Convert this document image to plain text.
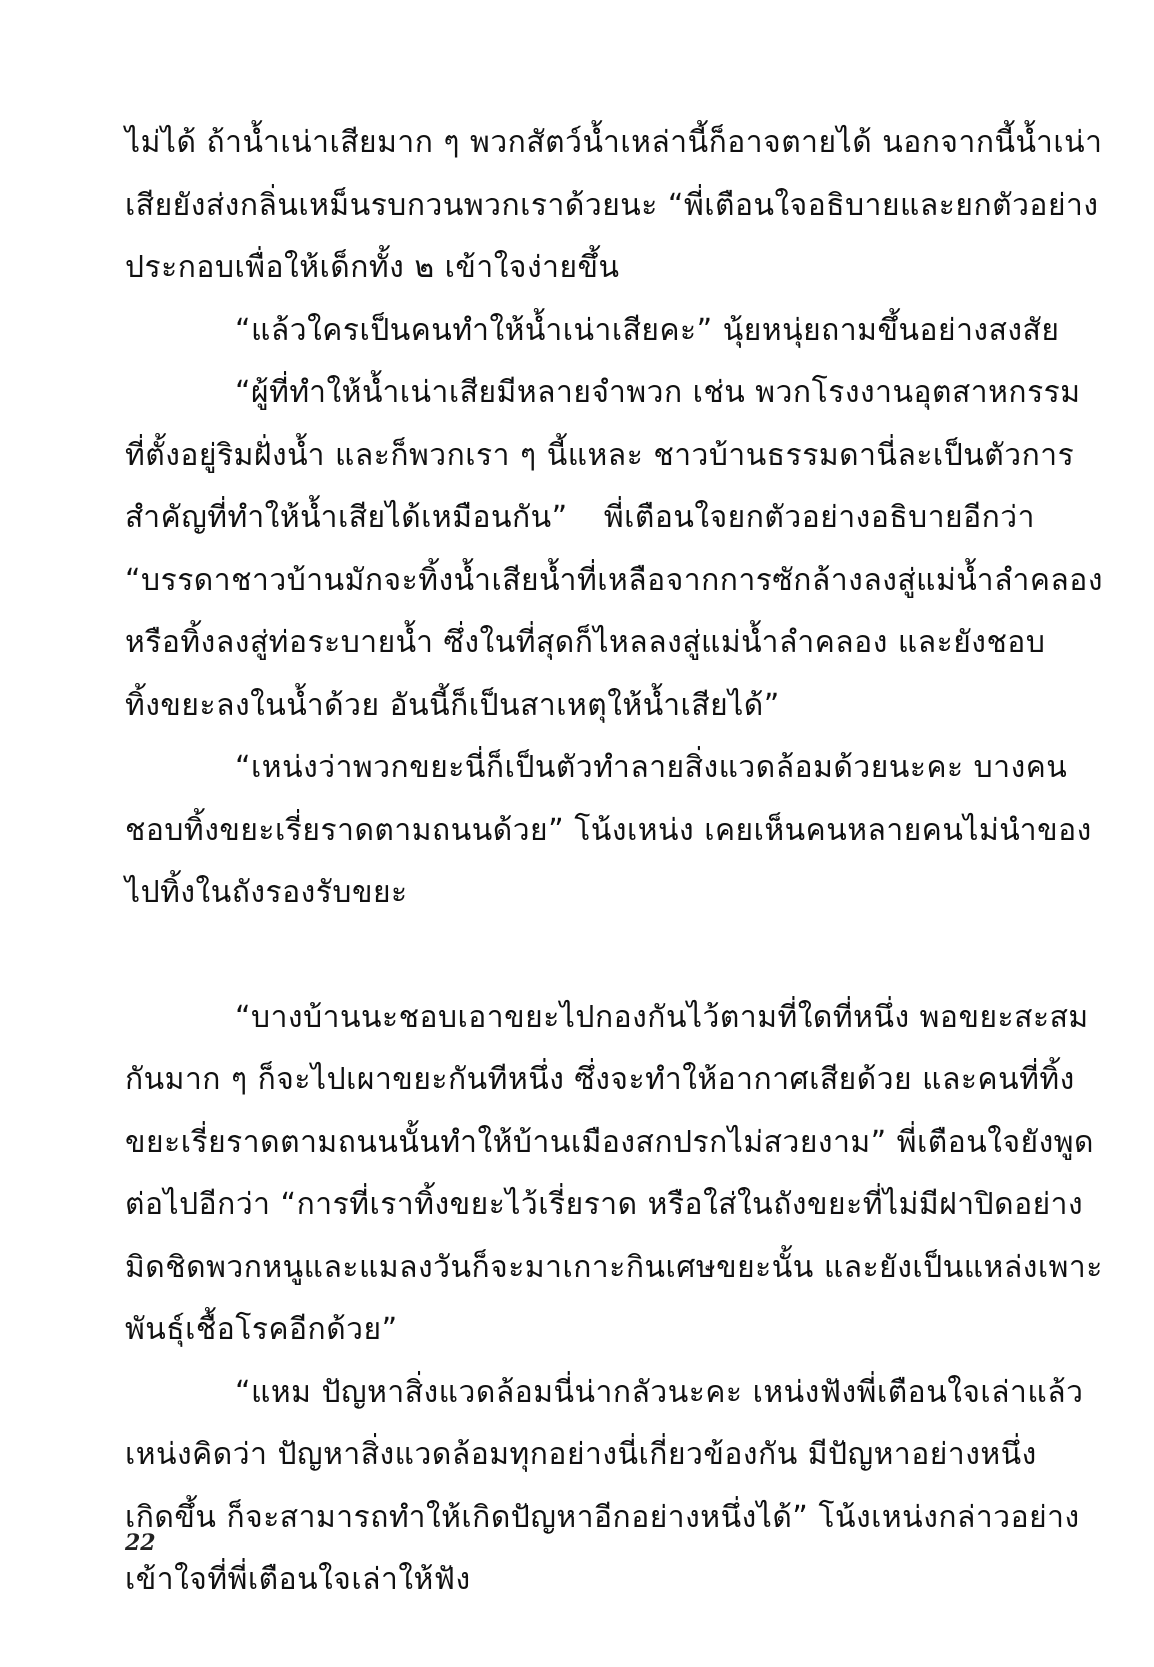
ไม่ได้ ถ้าน้ำเน่าเสียมาก ๆ พวกสัตว์น้ำเหล่านี้ก็อาจตายได้ นอกจากนี้น้ำเน่า
เสียยังส่งกลิ่นเหม็นรบกวนพวกเราด้วยนะ “พี่เตือนใจอธิบายและยกตัวอย่าง
ประกอบเพื่อให้เด็กทั้ง ๒ เข้าใจง่ายขึ้น
“แล้วใครเป็นคนทำให้น้ำเน่าเสียคะ” นุ้ยหนุ่ยถามขึ้นอย่างสงสัย
“ผู้ที่ทำให้น้ำเน่าเสียมีหลายจำพวก เช่น พวกโรงงานอุตสาหกรรม
ที่ตั้งอยู่ริมฝั่งน้ำ และก็พวกเรา ๆ นี้แหละ ชาวบ้านธรรมดานี่ละเป็นตัวการ
สำคัญที่ทำให้น้ำเสียได้เหมือนกัน” พี่เตือนใจยกตัวอย่างอธิบายอีกว่า
“บรรดาชาวบ้านมักจะทิ้งน้ำเสียน้ำที่เหลือจากการซักล้างลงสู่แม่น้ำลำคลอง
หรือทิ้งลงสู่ท่อระบายน้ำ ซึ่งในที่สุดก็ไหลลงสู่แม่น้ำลำคลอง และยังชอบ
ทิ้งขยะลงในน้ำด้วย อันนี้ก็เป็นสาเหตุให้น้ำเสียได้”
“เหน่งว่าพวกขยะนี่ก็เป็นตัวทำลายสิ่งแวดล้อมด้วยนะคะ บางคน
ชอบทิ้งขยะเรี่ยราดตามถนนด้วย” โน้งเหน่ง เคยเห็นคนหลายคนไม่นำของ
ไปทิ้งในถังรองรับขยะ
“บางบ้านนะชอบเอาขยะไปกองกันไว้ตามที่ใดที่หนึ่ง พอขยะสะสม
กันมาก ๆ ก็จะไปเผาขยะกันทีหนึ่ง ซึ่งจะทำให้อากาศเสียด้วย และคนที่ทิ้ง
ขยะเรี่ยราดตามถนนนั้นทำให้บ้านเมืองสกปรกไม่สวยงาม” พี่เตือนใจยังพูด
ต่อไปอีกว่า “การที่เราทิ้งขยะไว้เรี่ยราด หรือใส่ในถังขยะที่ไม่มีฝาปิดอย่าง
มิดชิดพวกหนูและแมลงวันก็จะมาเกาะกินเศษขยะนั้น และยังเป็นแหล่งเพาะ
พันธุ์เชื้อโรคอีกด้วย”
“แหม ปัญหาสิ่งแวดล้อมนี่น่ากลัวนะคะ เหน่งฟังพี่เตือนใจเล่าแล้ว
เหน่งคิดว่า ปัญหาสิ่งแวดล้อมทุกอย่างนี่เกี่ยวข้องกัน มีปัญหาอย่างหนึ่ง
เกิดขึ้น ก็จะสามารถทำให้เกิดปัญหาอีกอย่างหนึ่งได้” โน้งเหน่งกล่าวอย่าง
เข้าใจที่พี่เตือนใจเล่าให้ฟัง
22
